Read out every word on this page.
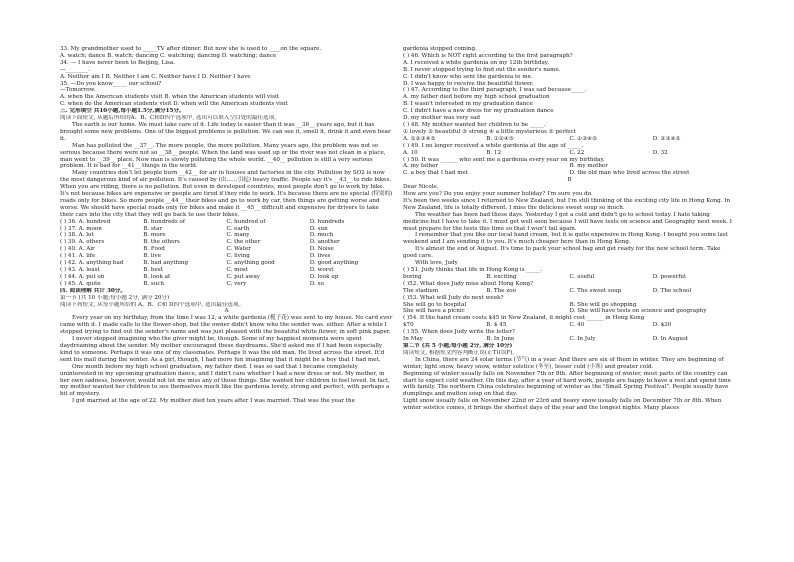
33. My grandmother used to _____TV after dinner. But now she is used to ____on the square.
A. watch; dance B. watch; dancing C. watching; dancing D. watching; dance
34. — I have never been to Beijing, Lisa.
—________.
A. Neither am I B. Neither I am C. Neither have I D. Neither I have
35. —Do you know_____ our school?
—Tomorrow.
A. when the American students visit B. when the American students will visit
C. when do the American students visit D. when will the American students visit
三. 完形填空 共10小题,每小题1.5分,满分15分。
阅读下面短文, 从题后所给的A、B、C和D四个选项中, 选出可以填入空白处的最佳选项。
The earth is our home. We must take care of it. Life today is easier than it was __36__ years ago, but it has brought some new problems. One of the biggest problems is pollution. We can see it, smell it, drink it and even hear it.
Man has polluted the __37__. The more people, the more pollution. Many years ago, the problem was not so serious because there were not so __38__ people. When the land was used up or the river was not clean in a place, man went to __39__ place. Now man is slowly polluting the whole world. __40__ pollution is still a very serious problem. It is bad for __41__ things in the world.
Many countries don't let people burn __42__ for air in houses and factories in the city. Pollution by SO2 is now the most dangerous kind of air pollution. It's caused by (由……引起) heavy traffic. People say it's __43__ to ride bikes. When you are riding, there is no pollution. But even in developed countries, most people don't go to work by bike. It's not because bikes are expensive or people are tired if they ride to work. It's because there are no special (特别的) roads only for bikes. So more people __44__ their bikes and go to work by car, then things are getting worse and worse. We should have special roads only for bikes and make it __45__ difficult and expensive for drivers to take their cars into the city that they will go back to use their bikes.
( ) 36. A. hundred	B. hundreds of	C. hundred of	D. hundreds
( ) 37. A. moon	B. star	C. earth	D. sun
( ) 38. A. lot	B. more	C. many	D. much
( ) 39. A. others	B. the others	C. the other	D. another
( ) 40. A. Air	B. Food	C. Water	D. Noise
( ) 41. A. life	B. live	C. living	D. lives
( ) 42. A. anything bad	B. bad anything	C. anything good	D. good anything
( ) 43. A. least	B. best	C. most	D. worst
( ) 44. A. put on	B. look at	C. put away	D. look up
( ) 45. A. quite	B. such	C. very	D. so
四. 阅读理解 共计 30分。
第一节 (共 10 小题;每小题 2分, 满分 20分)
阅读下列短文, 从每小题所给的 A、B、C和 D四个选项中, 选出最佳选项。
A
Every year on my birthday, from the time I was 12, a white gardenia (栀子花) was sent to my house. No card ever came with it. I made calls to the flower-shop, but the owner didn't know who the sender was. either. After a while I stopped trying to find out the sender's name and was just pleased with the beautiful white flower, in soft pink paper.
I never stopped imagining who the giver might be, though. Some of my happiest moments were spent daydreaming about the sender. My mother encouraged these daydreams. She'd asked me if I had been especially kind to someone. Perhaps it was one of my classmates. Perhaps it was the old man. He lived across the street. It'd sent his mail during the winter. As a girl, though, I had more fun imagining that it might be a boy that I had met.
One month before my high school graduation, my father died. I was so sad that I became completely uninterested in my upcoming graduation dance, and I didn't care whether I had a new dress or not. My mother, in her own sadness, however, would not let me miss any of those things. She wanted her children to feel loved. In fact, my mother wanted her children to see themselves much like the gardenia lovely, strong and perfect, with perhaps a bit of mystery.
I got married at the age of 22. My mother died ten years after I was married. That was the year the
gardenia stopped coming.
( ) 46. Which is NOT right according to the first paragraph?
A. I received a white gardenia on my 12th birthday.
B. I never stopped trying to find out the sender's name.
C. I didn't know who sent the gardenia to me.
D. I was happy to receive the beautiful flower.
( ) 47. According to the third paragraph, I was sad because_____.
A. my father died before my high school graduation
B. I wasn't interested in my graduation dance
C. I didn't have a new dress for my graduation dance
D. my mother was very sad
( ) 48. My mother wanted her children to be _____.
① lovely ② beautiful ③ strong ④ a little mysterious ⑤ perfect
A. ①②③④⑤	B. ①②④⑤	C. ①③④⑤	D. ②③④⑤
( ) 49. I no longer received a white gardenia at the age of _____.
A. 10	B. 12	C. 22	D. 32
( ) 50. It was ______ who sent me a gardenia every year on my birthday.
A. my father	B. my mother
C. a boy that I had met	D. the old man who lived across the street
B
Dear Nicole,
How are you? Do you enjoy your summer holiday? I'm sure you do.
It's been two weeks since I returned to New Zealand, but I'm still thinking of the exciting city life in Hong Kong. In New Zealand, life is totally different. I miss the delicious sweet soup so much.
The weather has been bad these days. Yesterday I got a cold and didn't go to school today. I hate taking medicine but I have to take it. I must get well soon because I will have tests on science and Geography next week. I must prepare for the tests this time so that I won't fail again.
I remember that you like our local hand cream, but it is quite expensive in Hong Kong. I bought you some last weekend and I am sending it to you. It's much cheaper here than in Hong Kong.
It's almost the end of August. It's time to pack your school bag and get ready for the new school term. Take good care.
With love, Judy
( ) 51. Judy thinks that life in Hong Kong is _____.
boring	B. exciting	C. useful	D. powerful
( )52. What does Judy miss about Hong Kong?
The stadium	B. The zoo	C. The sweet soup	D. The school
( )53. What will Judy do next week?
She will go to hospital	B. She will go shopping
She will have a picnic	D. She will have tests on science and geography
( )54. If the hand cream costs $45 in New Zealand, it might cost ______ in Hong Kong
$70	B. $ 45	C. 40	D. $30
( ) 55. When does Judy write the letter?
In May	B. In June	C. In July	D. In August
第二节 (共 5 小题;每小题 2分, 满分 10分)
阅读短文, 根据短文内容判断正误(正T)(误F)。
In China, there are 24 solar terms (节气) in a year. And there are six of them in winter. They are beginning of winter, light snow, heavy snow, winter solstice (冬至), lesser cold (小寒) and greater cold.
Beginning of winter usually falls on November 7th or 8th. After beginning of winter, most parts of the country can start to expect cold weather. On this day, after a year of hard work, people are happy to have a rest and spend time with family. The northern China celebrates beginning of winter as the "Small Spring Festival". People usually have dumplings and mutton soup on that day.
Light snow usually falls on November 22nd or 23rd and heavy snow usually falls on December 7th or 8th. When winter solstice comes, it brings the shortest days of the year and the longest nights. Many places
